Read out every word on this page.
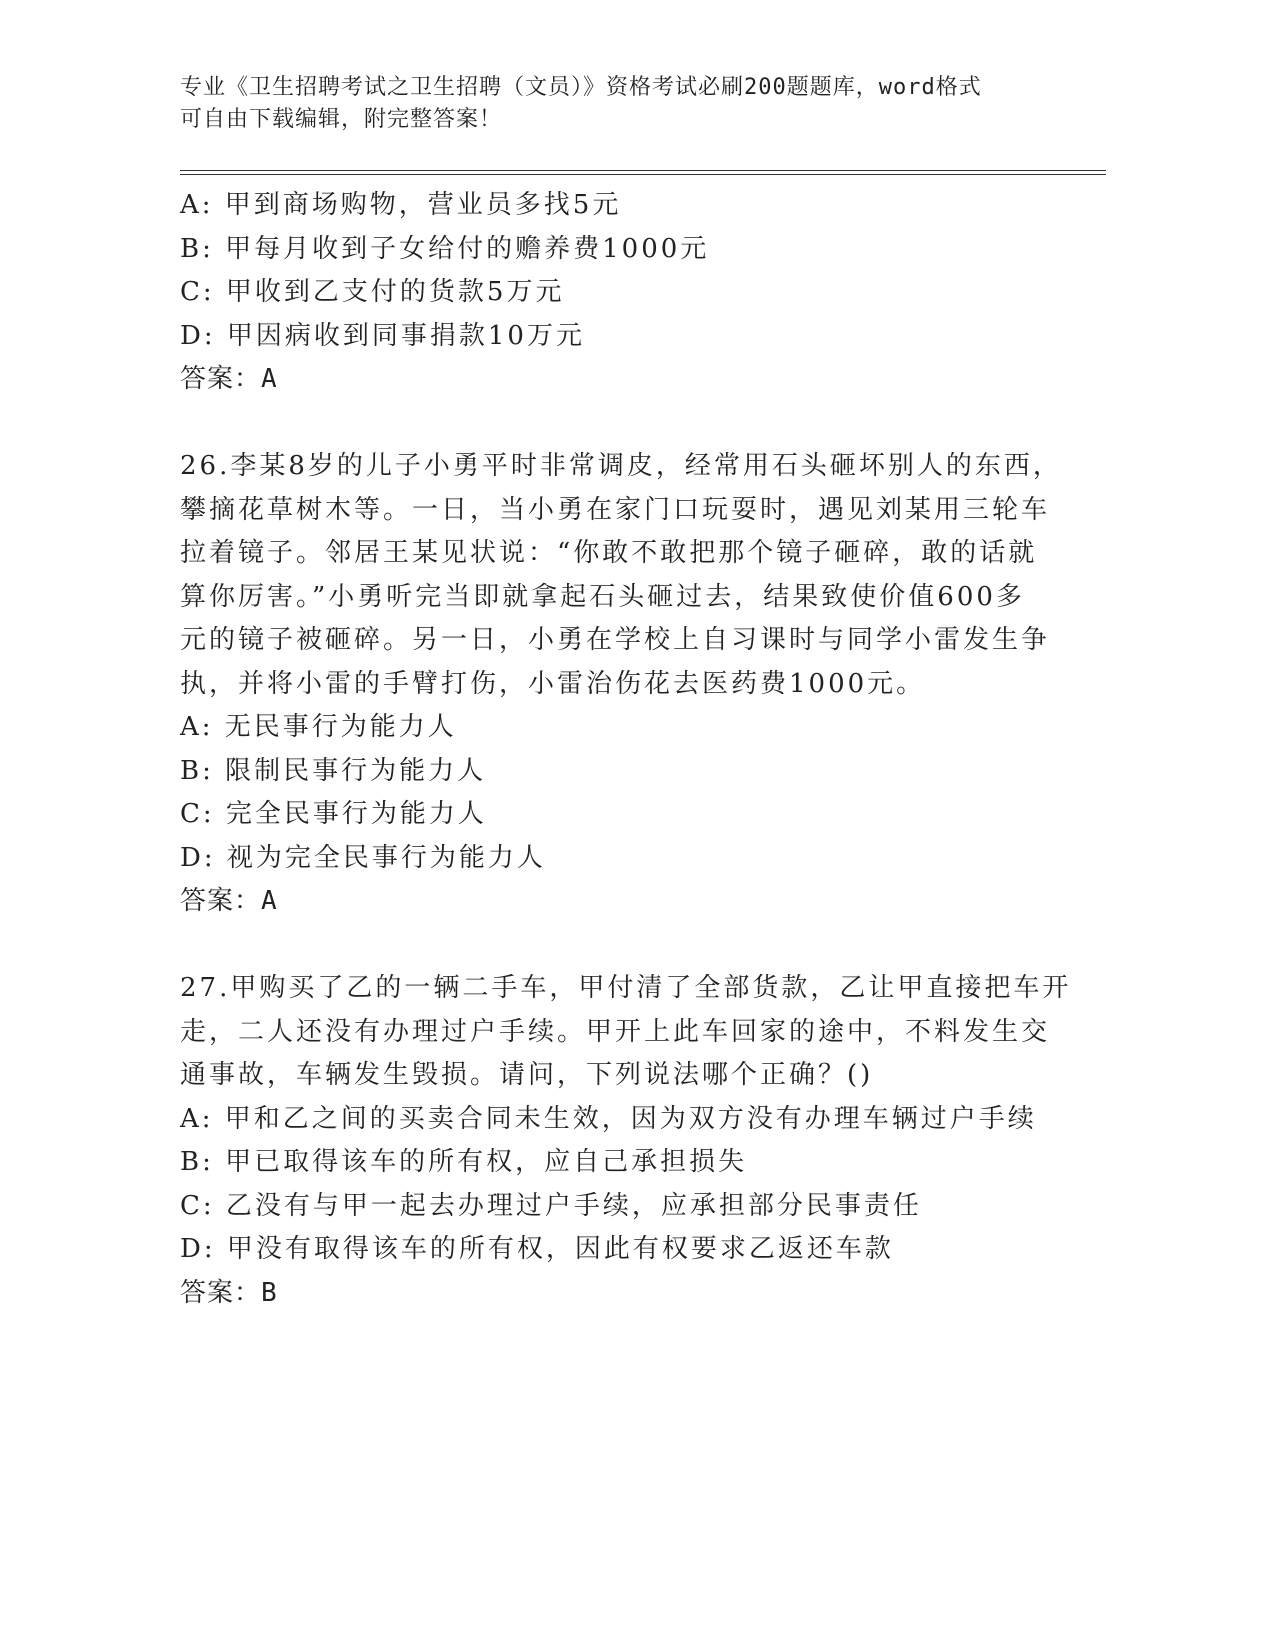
专业《卫生招聘考试之卫生招聘（文员）》资格考试必刷200题题库，word格式
可自由下载编辑，附完整答案！
A: 甲到商场购物，营业员多找5元
B: 甲每月收到子女给付的赡养费1000元
C: 甲收到乙支付的货款5万元
D: 甲因病收到同事捐款10万元
答案：A
26.李某8岁的儿子小勇平时非常调皮，经常用石头砸坏别人的东西，
攀摘花草树木等。一日，当小勇在家门口玩耍时，遇见刘某用三轮车
拉着镜子。邻居王某见状说：“你敢不敢把那个镜子砸碎，敢的话就
算你厉害。”小勇听完当即就拿起石头砸过去，结果致使价值600多
元的镜子被砸碎。另一日，小勇在学校上自习课时与同学小雷发生争
执，并将小雷的手臂打伤，小雷治伤花去医药费1000元。
A: 无民事行为能力人
B: 限制民事行为能力人
C: 完全民事行为能力人
D: 视为完全民事行为能力人
答案：A
27.甲购买了乙的一辆二手车，甲付清了全部货款，乙让甲直接把车开
走，二人还没有办理过户手续。甲开上此车回家的途中，不料发生交
通事故，车辆发生毁损。请问，下列说法哪个正确？()
A: 甲和乙之间的买卖合同未生效，因为双方没有办理车辆过户手续
B: 甲已取得该车的所有权，应自己承担损失
C: 乙没有与甲一起去办理过户手续，应承担部分民事责任
D: 甲没有取得该车的所有权，因此有权要求乙返还车款
答案：B
